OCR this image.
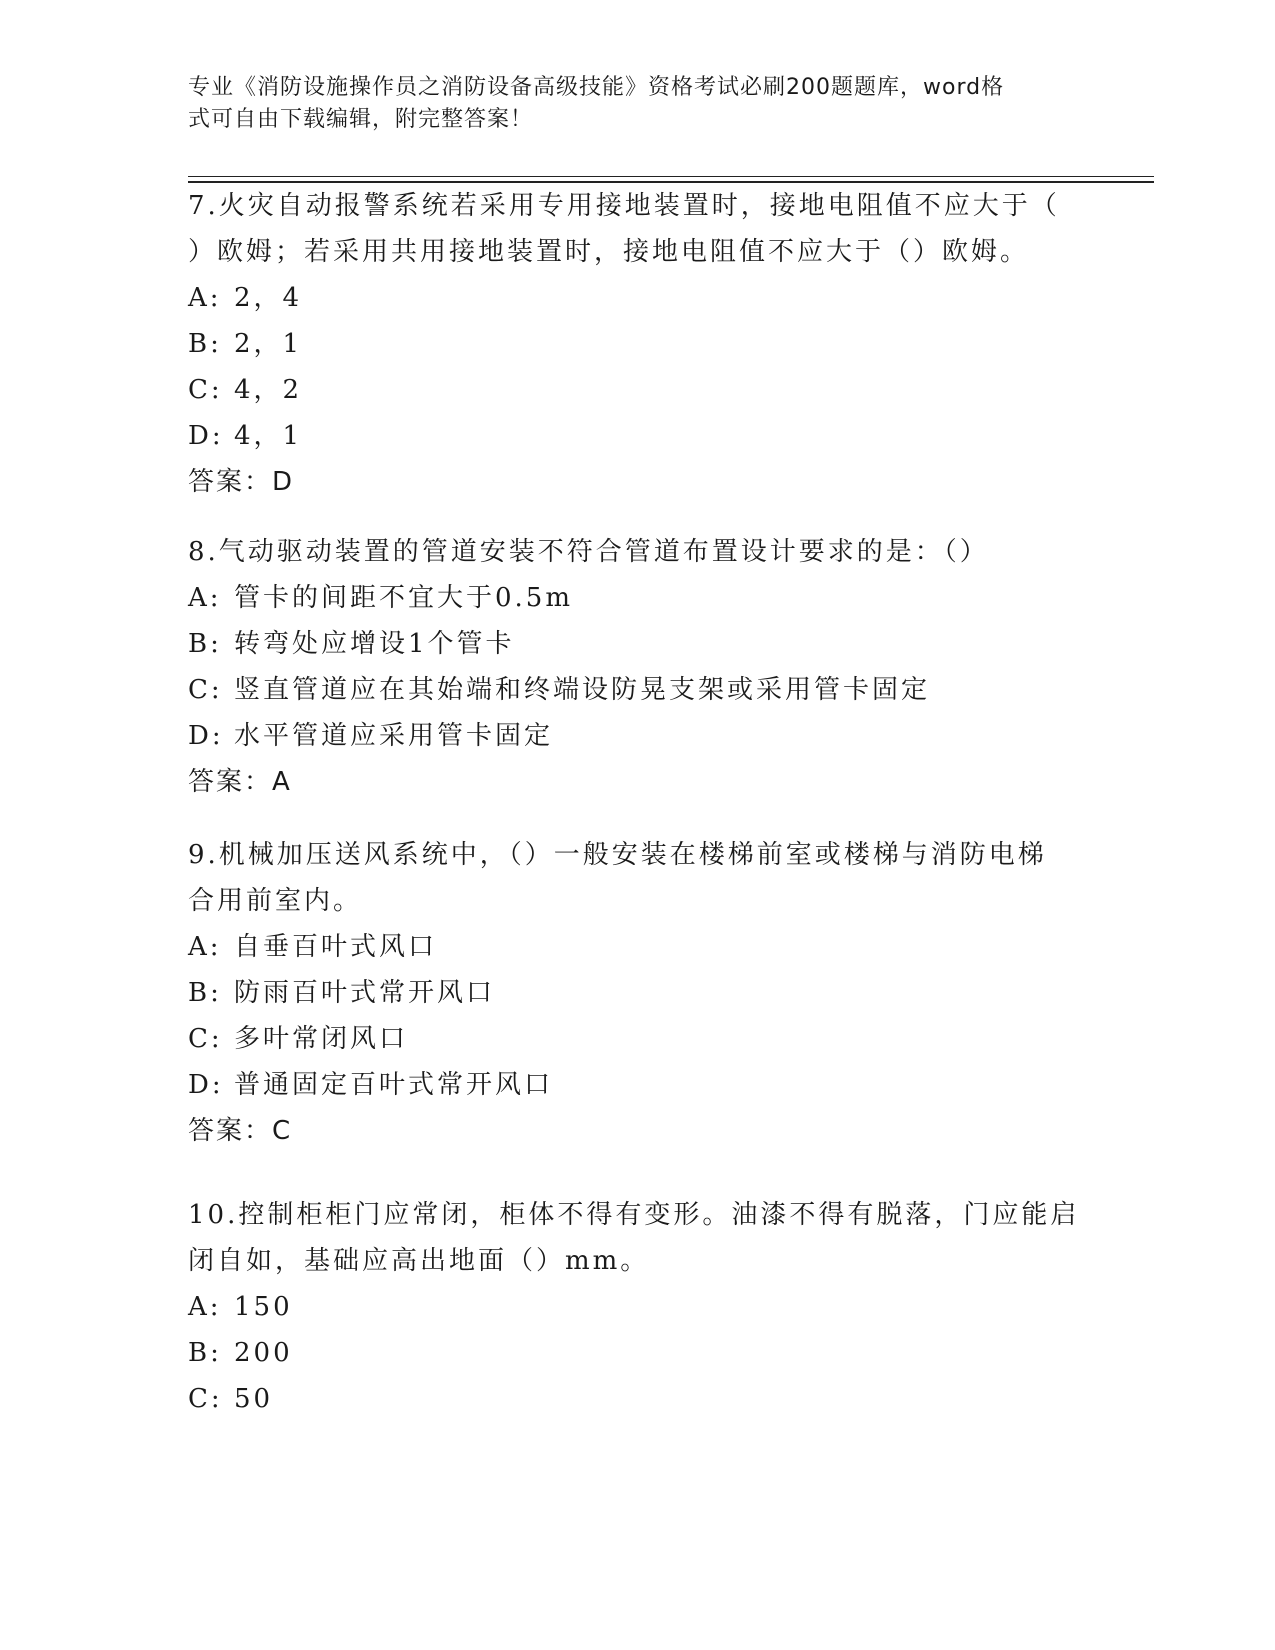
专业《消防设施操作员之消防设备高级技能》资格考试必刷200题题库，word格
式可自由下载编辑，附完整答案！
7.火灾自动报警系统若采用专用接地装置时，接地电阻值不应大于（
）欧姆；若采用共用接地装置时，接地电阻值不应大于（）欧姆。
A: 2，4
B: 2，1
C: 4，2
D: 4，1
答案：D
8.气动驱动装置的管道安装不符合管道布置设计要求的是：（）
A: 管卡的间距不宜大于0.5m
B: 转弯处应增设1个管卡
C: 竖直管道应在其始端和终端设防晃支架或采用管卡固定
D: 水平管道应采用管卡固定
答案：A
9.机械加压送风系统中，（）一般安装在楼梯前室或楼梯与消防电梯
合用前室内。
A: 自垂百叶式风口
B: 防雨百叶式常开风口
C: 多叶常闭风口
D: 普通固定百叶式常开风口
答案：C
10.控制柜柜门应常闭，柜体不得有变形。油漆不得有脱落，门应能启
闭自如，基础应高出地面（）mm。
A: 150
B: 200
C: 50
